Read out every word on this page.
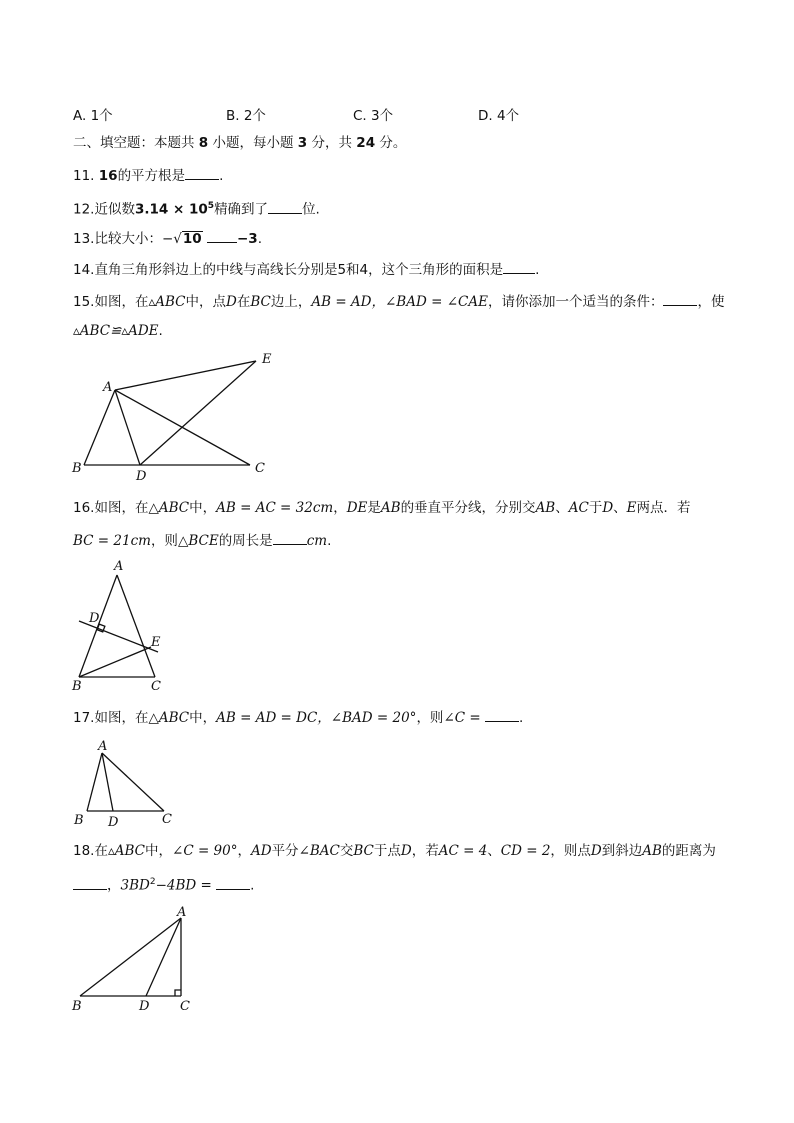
A. 1个	B. 2个	C. 3个	D. 4个
二、填空题：本题共 8 小题，每小题 3 分，共 24 分。
11. 16的平方根是	.
12.近似数$3.14 \times 10^5$精确到了	位.
13.比较大小：−√10	−3.
14.直角三角形斜边上的中线与高线长分别是5和4，这个三角形的面积是 .
15.如图，在▵ABC中，点D在BC边上，AB = AD，∠BAD = ∠CAE，请你添加一个适当的条件：	，使
▵ABC≌▵ADE.
16.如图，在△ABC中，AB = AC = 32cm，DE是AB的垂直平分线，分别交AB、AC于D、E两点．若
BC = 21cm，则△BCE的周长是	cm.
17.如图，在△ABC中，AB = AD = DC，∠BAD = 20°，则∠C =	.
18.在▵ABC中，∠C = 90°，AD平分∠BAC交BC于点D，若AC = 4、CD = 2，则点D到斜边AB的距离为
，$3BD^2-4BD$ =	.
A
B	C
D
E
A
B	C
D
E
A
B	C
D
A
B	C
D
